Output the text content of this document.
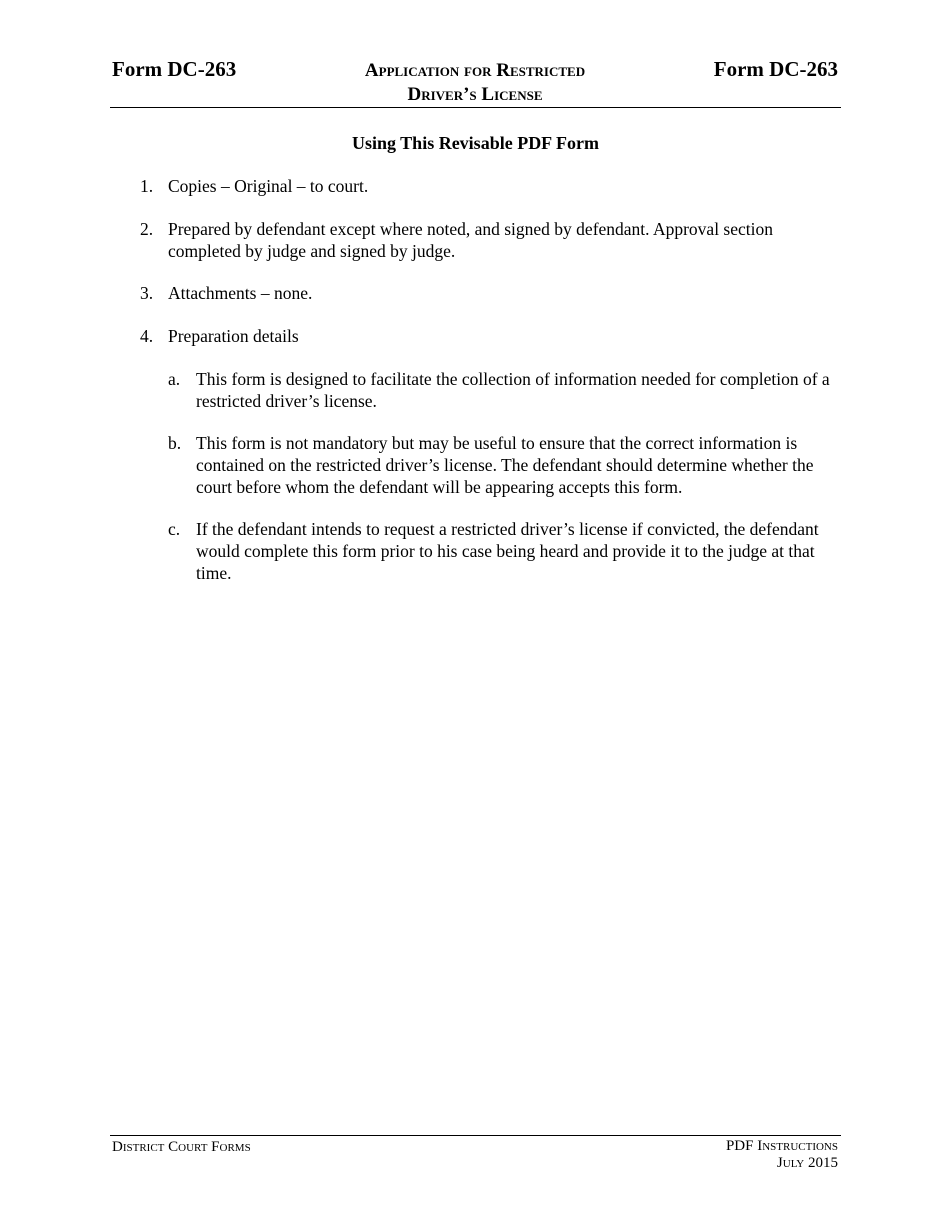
Form DC-263	Application for Restricted
Driver’s License
Form DC-263
Using This Revisable PDF Form
1. Copies – Original – to court.
2. Prepared by defendant except where noted, and signed by defendant. Approval section completed by judge and signed by judge.
3. Attachments – none.
4. Preparation details
a. This form is designed to facilitate the collection of information needed for completion of a restricted driver’s license.
b. This form is not mandatory but may be useful to ensure that the correct information is contained on the restricted driver’s license. The defendant should determine whether the court before whom the defendant will be appearing accepts this form.
c. If the defendant intends to request a restricted driver’s license if convicted, the defendant would complete this form prior to his case being heard and provide it to the judge at that time.
District Court Forms	PDF Instructions
July 2015
